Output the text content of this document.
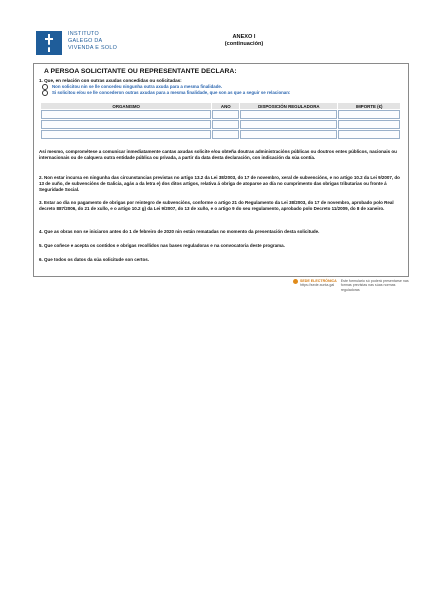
INSTITUTO
GALEGO DA
VIVENDA E SOLO
ANEXO I
(continuación)
A PERSOA SOLICITANTE OU REPRESENTANTE DECLARA:
1. Que, en relación con outras axudas concedidas ou solicitadas:
Non solicitou nin se lle concedeu ningunha outra axuda para a mesma finalidade.
Si solicitou e/ou se lle concederon outras axudas para a mesma finalidade, que son as que a seguir se relacionan:
ORGANISMO	ANO	DISPOSICIÓN REGULADORA	IMPORTE (€)

Así mesmo, comprométese a comunicar inmediatamente cantas axudas solicite e/ou obteña doutras administracións públicas ou doutros entes públicos, nacionais ou internacionais ou de calquera outra entidade pública ou privada, a partir da data desta declaración, con indicación da súa contía.
2. Non estar incursa en ningunha das circunstancias previstas no artigo 13.2 da Lei 38/2003, do 17 de novembro, xeral de subvencións, e no artigo 10.2 da Lei 9/2007, do 13 de xuño, de subvencións de Galicia, agás a da letra e) dos ditos artigos, relativa á obriga de atoparse ao día no cumprimento das obrigas tributarias ou fronte á Seguridade Social.
3. Estar ao día no pagamento de obrigas por reintegro de subvencións, conforme o artigo 21 do Regulamento da Lei 38/2003, do 17 de novembro, aprobado polo Real decreto 887/2006, do 21 de xullo, e o artigo 10.2 g) da Lei 9/2007, do 13 de xuño, e o artigo 9 do seu regulamento, aprobado polo Decreto 11/2009, do 8 de xaneiro.
4. Que as obras non se iniciaron antes do 1 de febreiro de 2020 nin están rematadas no momento da presentación desta solicitude.
5. Que coñece e acepta os contidos e obrigas recollidos nas bases reguladoras e na convocatoria deste programa.
6. Que todos os datos da súa solicitude son certos.
SEDE ELECTRÓNICA
https://sede.xunta.gal
Este formulario só poderá presentarse nas formas previstas nas súas normas reguladoras
